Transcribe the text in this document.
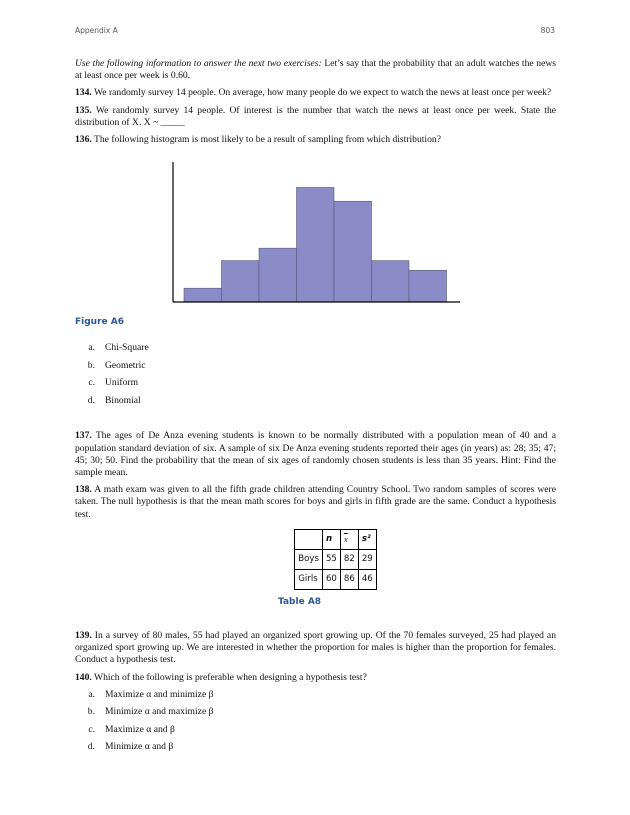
Appendix A	803

Use the following information to answer the next two exercises: Let’s say that the probability that an adult watches the news at least once per week is 0.60.

134. We randomly survey 14 people. On average, how many people do we expect to watch the news at least once per week?

135. We randomly survey 14 people. Of interest is the number that watch the news at least once per week. State the distribution of X. X ~ _____

136. The following histogram is most likely to be a result of sampling from which distribution?

Figure A6
a. Chi-Square
b. Geometric
c. Uniform
d. Binomial

137. The ages of De Anza evening students is known to be normally distributed with a population mean of 40 and a population standard deviation of six. A sample of six De Anza evening students reported their ages (in years) as: 28; 35; 47; 45; 30; 50. Find the probability that the mean of six ages of randomly chosen students is less than 35 years. Hint: Find the sample mean.

138. A math exam was given to all the fifth grade children attending Country School. Two random samples of scores were taken. The null hypothesis is that the mean math scores for boys and girls in fifth grade are the same. Conduct a hypothesis test.

	n	$\overline{x}$	s²
Boys	55	82	29
Girls	60	86	46
Table A8

139. In a survey of 80 males, 55 had played an organized sport growing up. Of the 70 females surveyed, 25 had played an organized sport growing up. We are interested in whether the proportion for males is higher than the proportion for females. Conduct a hypothesis test.

140. Which of the following is preferable when designing a hypothesis test?

a. Maximize α and minimize β
b. Minimize α and maximize β
c. Maximize α and β
d. Minimize α and β
